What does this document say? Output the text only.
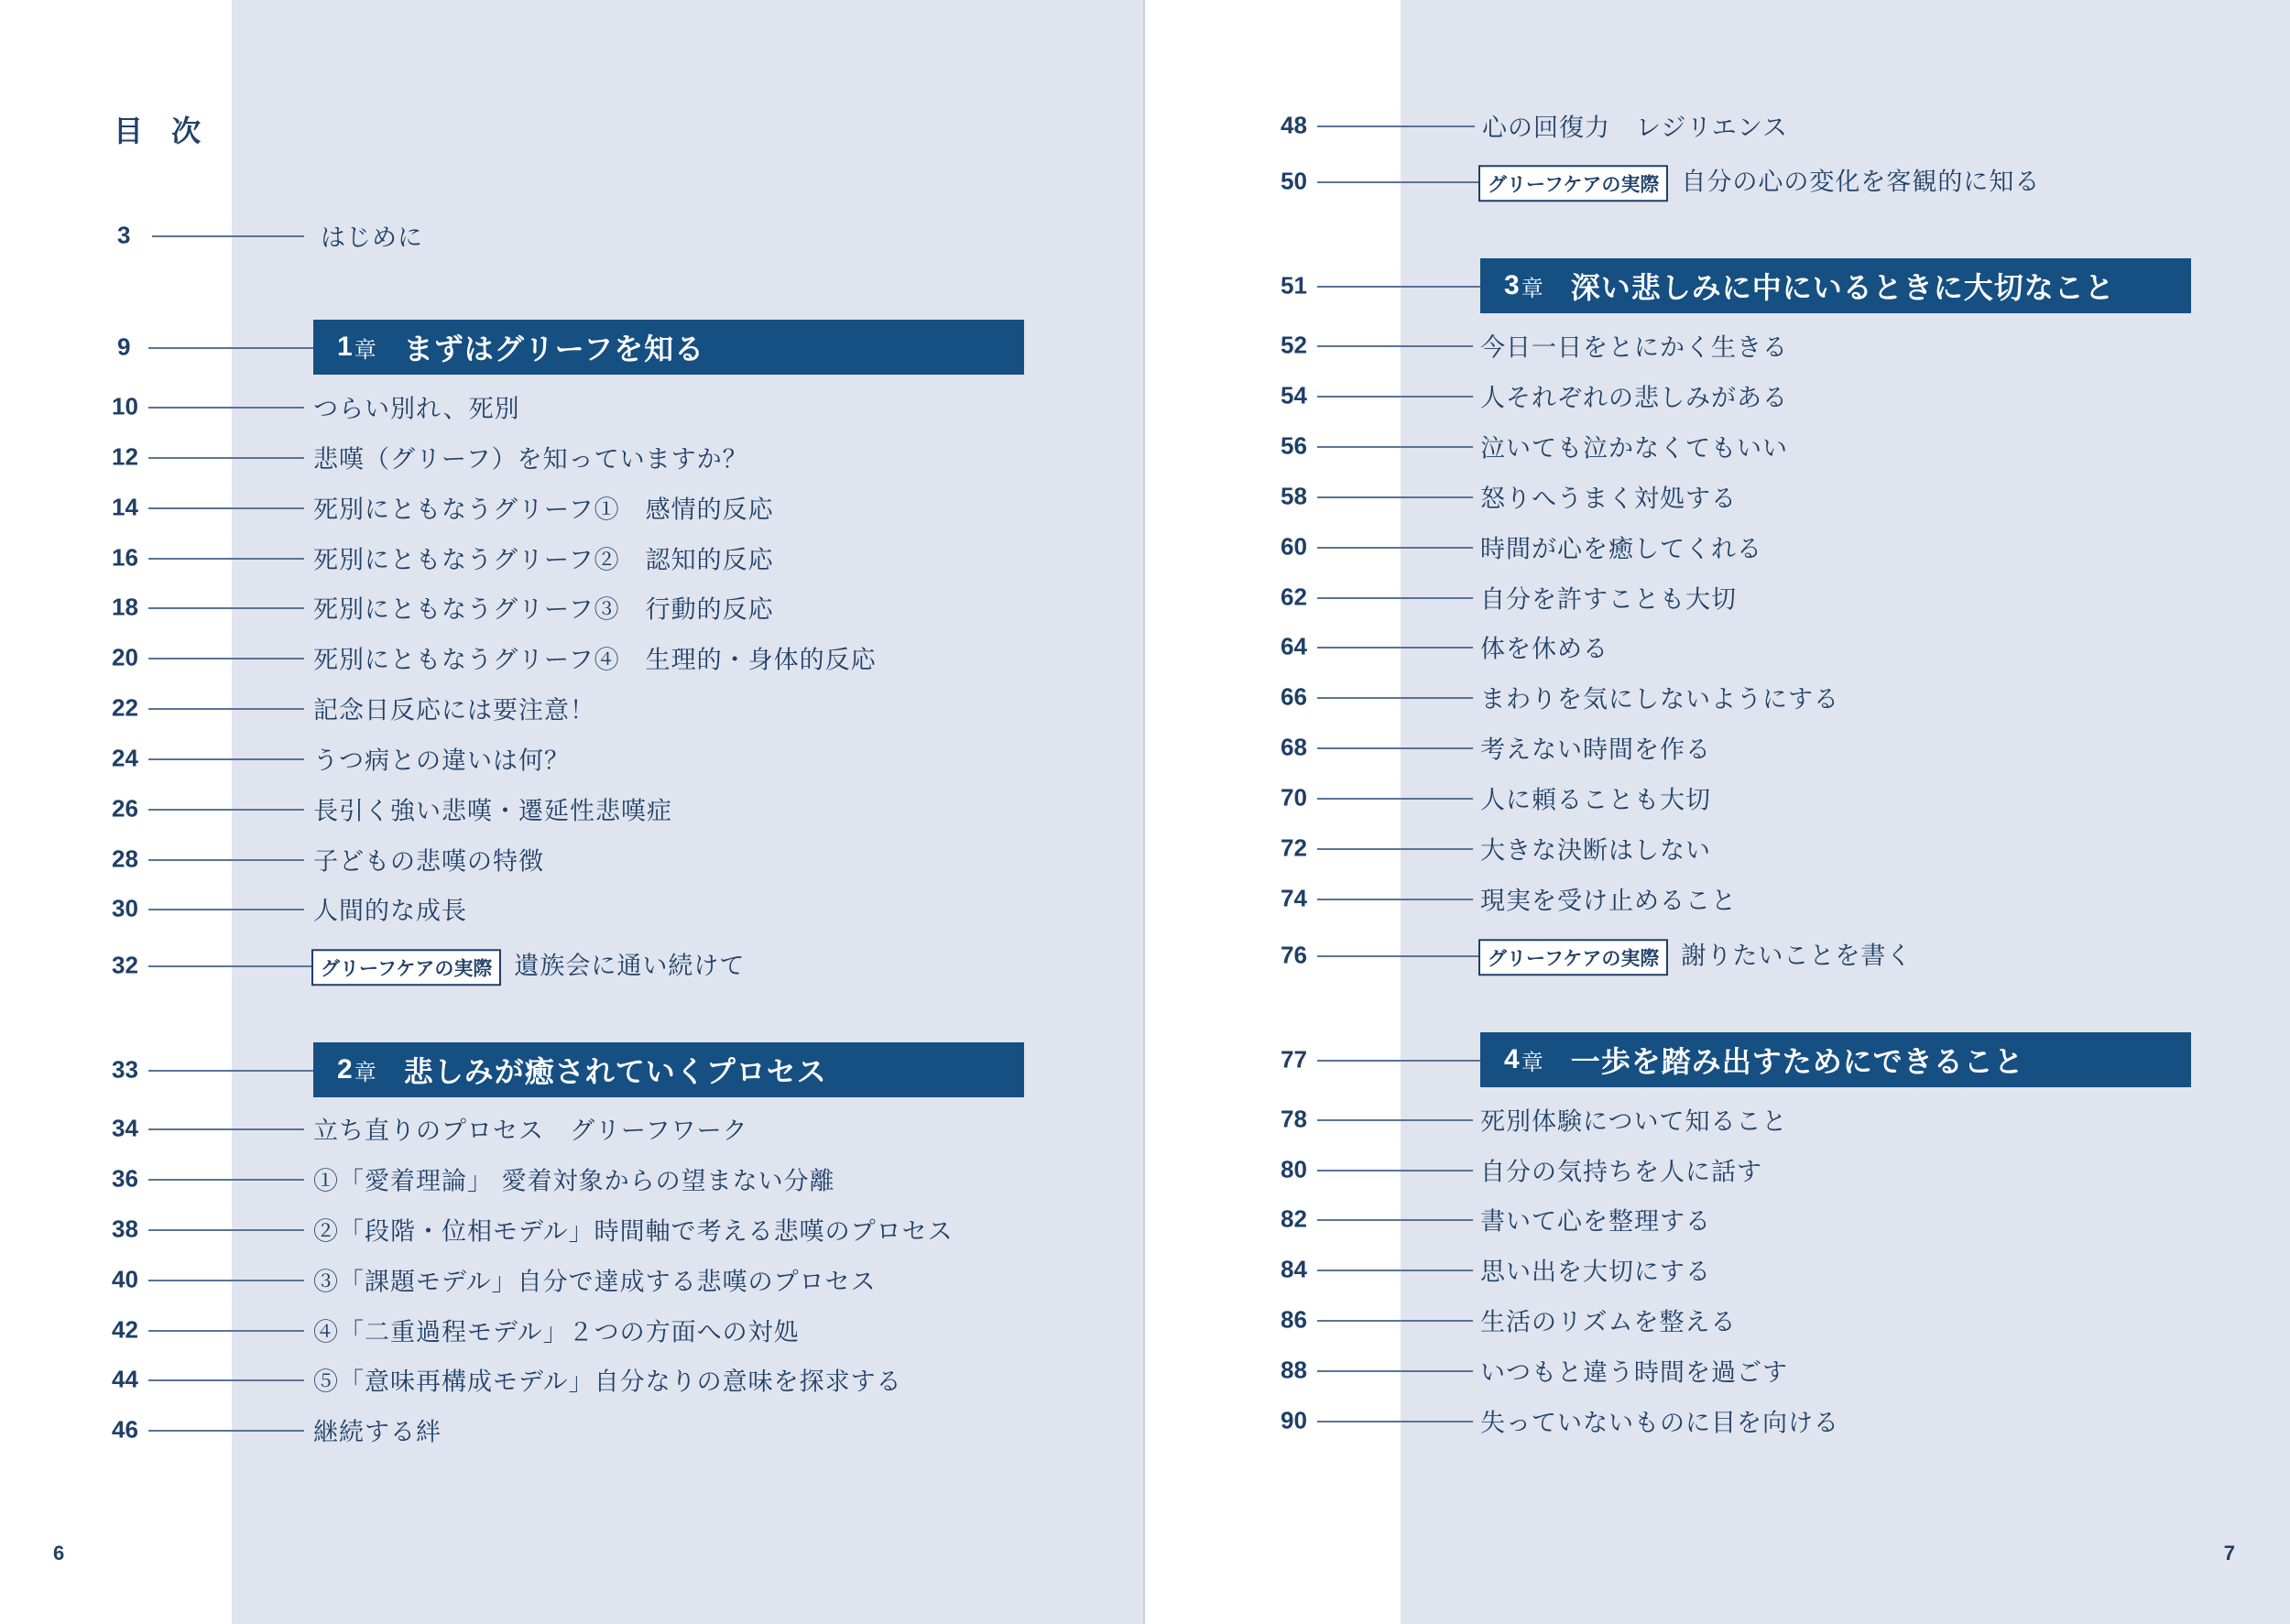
目 次
3	はじめに
9	1 章 まずはグリーフを知る
10	つらい別れ、死別
12	悲嘆（グリーフ）を知っていますか？
14	死別にともなうグリーフ①　感情的反応
16	死別にともなうグリーフ②　認知的反応
18	死別にともなうグリーフ③　行動的反応
20	死別にともなうグリーフ④　生理的・身体的反応
22	記念日反応には要注意！
24	うつ病との違いは何？
26	長引く強い悲嘆・遷延性悲嘆症
28	子どもの悲嘆の特徴
30	人間的な成長
32	グリーフケアの実際 遺族会に通い続けて
33	2 章 悲しみが癒されていくプロセス
34	立ち直りのプロセス　グリーフワーク
36	①「愛着理論」 愛着対象からの望まない分離
38	②「段階・位相モデル」時間軸で考える悲嘆のプロセス
40	③「課題モデル」自分で達成する悲嘆のプロセス
42	④「二重過程モデル」２つの方面への対処
44	⑤「意味再構成モデル」自分なりの意味を探求する
46	継続する絆
6
48	心の回復力　レジリエンス
50	グリーフケアの実際 自分の心の変化を客観的に知る
51	3 章 深い悲しみに中にいるときに大切なこと
52	今日一日をとにかく生きる
54	人それぞれの悲しみがある
56	泣いても泣かなくてもいい
58	怒りへうまく対処する
60	時間が心を癒してくれる
62	自分を許すことも大切
64	体を休める
66	まわりを気にしないようにする
68	考えない時間を作る
70	人に頼ることも大切
72	大きな決断はしない
74	現実を受け止めること
76	グリーフケアの実際 謝りたいことを書く
77	4 章 一歩を踏み出すためにできること
78	死別体験について知ること
80	自分の気持ちを人に話す
82	書いて心を整理する
84	思い出を大切にする
86	生活のリズムを整える
88	いつもと違う時間を過ごす
90	失っていないものに目を向ける
7
